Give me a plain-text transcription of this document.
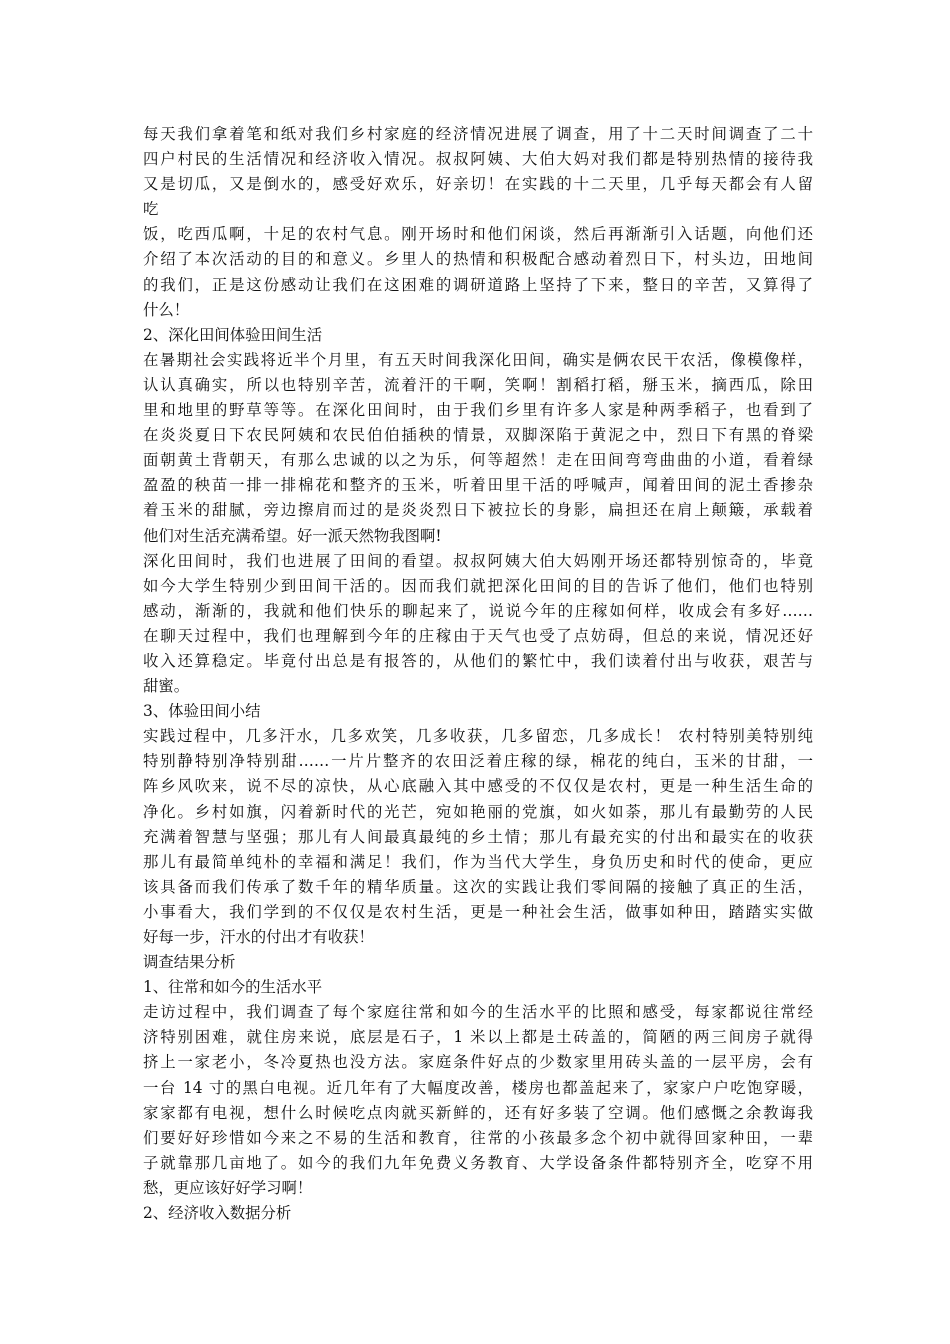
每天我们拿着笔和纸对我们乡村家庭的经济情况进展了调查，用了十二天时间调查了二十
四户村民的生活情况和经济收入情况。叔叔阿姨、大伯大妈对我们都是特别热情的接待我
又是切瓜，又是倒水的，感受好欢乐，好亲切！在实践的十二天里，几乎每天都会有人留
吃
饭，吃西瓜啊，十足的农村气息。刚开场时和他们闲谈，然后再渐渐引入话题，向他们还
介绍了本次活动的目的和意义。乡里人的热情和积极配合感动着烈日下，村头边，田地间
的我们，正是这份感动让我们在这困难的调研道路上坚持了下来，整日的辛苦，又算得了
什么！
2、深化田间体验田间生活
在暑期社会实践将近半个月里，有五天时间我深化田间，确实是俩农民干农活，像模像样，
认认真确实，所以也特别辛苦，流着汗的干啊，笑啊！割稻打稻，掰玉米，摘西瓜，除田
里和地里的野草等等。在深化田间时，由于我们乡里有许多人家是种两季稻子，也看到了
在炎炎夏日下农民阿姨和农民伯伯插秧的情景，双脚深陷于黄泥之中，烈日下有黑的脊梁
面朝黄土背朝天，有那么忠诚的以之为乐，何等超然！走在田间弯弯曲曲的小道，看着绿
盈盈的秧苗一排一排棉花和整齐的玉米，听着田里干活的呼喊声，闻着田间的泥土香掺杂
着玉米的甜腻，旁边擦肩而过的是炎炎烈日下被拉长的身影，扁担还在肩上颠簸，承载着
他们对生活充满希望。好一派天然物我图啊!
深化田间时，我们也进展了田间的看望。叔叔阿姨大伯大妈刚开场还都特别惊奇的，毕竟
如今大学生特别少到田间干活的。因而我们就把深化田间的目的告诉了他们，他们也特别
感动，渐渐的，我就和他们快乐的聊起来了，说说今年的庄稼如何样，收成会有多好……
在聊天过程中，我们也理解到今年的庄稼由于天气也受了点妨碍，但总的来说，情况还好
收入还算稳定。毕竟付出总是有报答的，从他们的繁忙中，我们读着付出与收获，艰苦与
甜蜜。
3、体验田间小结
实践过程中，几多汗水，几多欢笑，几多收获，几多留恋，几多成长！ 农村特别美特别纯
特别静特别净特别甜……一片片整齐的农田泛着庄稼的绿，棉花的纯白，玉米的甘甜，一
阵乡风吹来，说不尽的凉快，从心底融入其中感受的不仅仅是农村，更是一种生活生命的
净化。乡村如旗，闪着新时代的光芒，宛如艳丽的党旗，如火如荼，那儿有最勤劳的人民
充满着智慧与坚强；那儿有人间最真最纯的乡土情；那儿有最充实的付出和最实在的收获
那儿有最简单纯朴的幸福和满足！我们，作为当代大学生，身负历史和时代的使命，更应
该具备而我们传承了数千年的精华质量。这次的实践让我们零间隔的接触了真正的生活，
小事看大，我们学到的不仅仅是农村生活，更是一种社会生活，做事如种田，踏踏实实做
好每一步，汗水的付出才有收获！
调查结果分析
1、往常和如今的生活水平
走访过程中，我们调查了每个家庭往常和如今的生活水平的比照和感受，每家都说往常经
济特别困难，就住房来说，底层是石子，1 米以上都是土砖盖的，简陋的两三间房子就得
挤上一家老小，冬冷夏热也没方法。家庭条件好点的少数家里用砖头盖的一层平房，会有
一台 14 寸的黑白电视。近几年有了大幅度改善，楼房也都盖起来了，家家户户吃饱穿暖，
家家都有电视，想什么时候吃点肉就买新鲜的，还有好多装了空调。他们感慨之余教诲我
们要好好珍惜如今来之不易的生活和教育，往常的小孩最多念个初中就得回家种田，一辈
子就靠那几亩地了。如今的我们九年免费义务教育、大学设备条件都特别齐全，吃穿不用
愁，更应该好好学习啊！
2、经济收入数据分析
